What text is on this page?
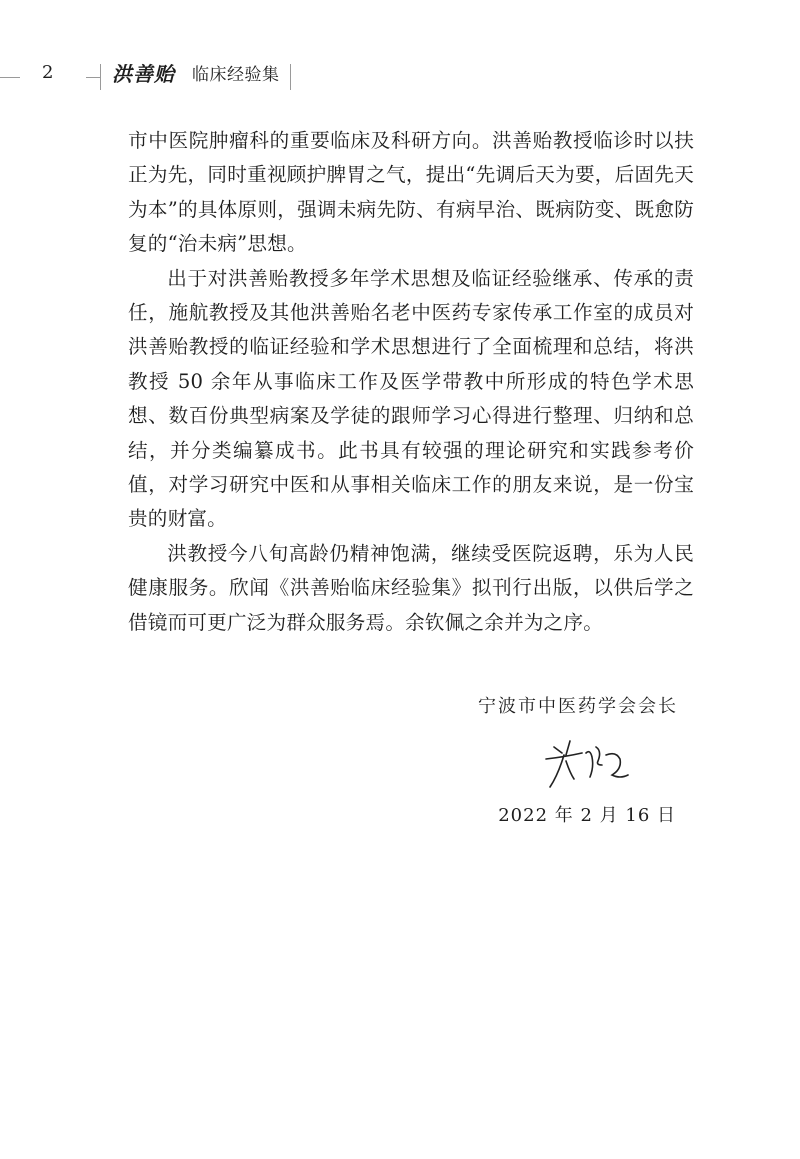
2	洪善贻 临床经验集

市中医院肿瘤科的重要临床及科研方向。洪善贻教授临诊时以扶正为先，同时重视顾护脾胃之气，提出“先调后天为要，后固先天为本”的具体原则，强调未病先防、有病早治、既病防变、既愈防复的“治未病”思想。

出于对洪善贻教授多年学术思想及临证经验继承、传承的责任，施航教授及其他洪善贻名老中医药专家传承工作室的成员对洪善贻教授的临证经验和学术思想进行了全面梳理和总结，将洪教授 50 余年从事临床工作及医学带教中所形成的特色学术思想、数百份典型病案及学徒的跟师学习心得进行整理、归纳和总结，并分类编纂成书。此书具有较强的理论研究和实践参考价值，对学习研究中医和从事相关临床工作的朋友来说，是一份宝贵的财富。

洪教授今八旬高龄仍精神饱满，继续受医院返聘，乐为人民健康服务。欣闻《洪善贻临床经验集》拟刊行出版，以供后学之借镜而可更广泛为群众服务焉。余钦佩之余并为之序。

宁波市中医药学会会长
2022 年 2 月 16 日
